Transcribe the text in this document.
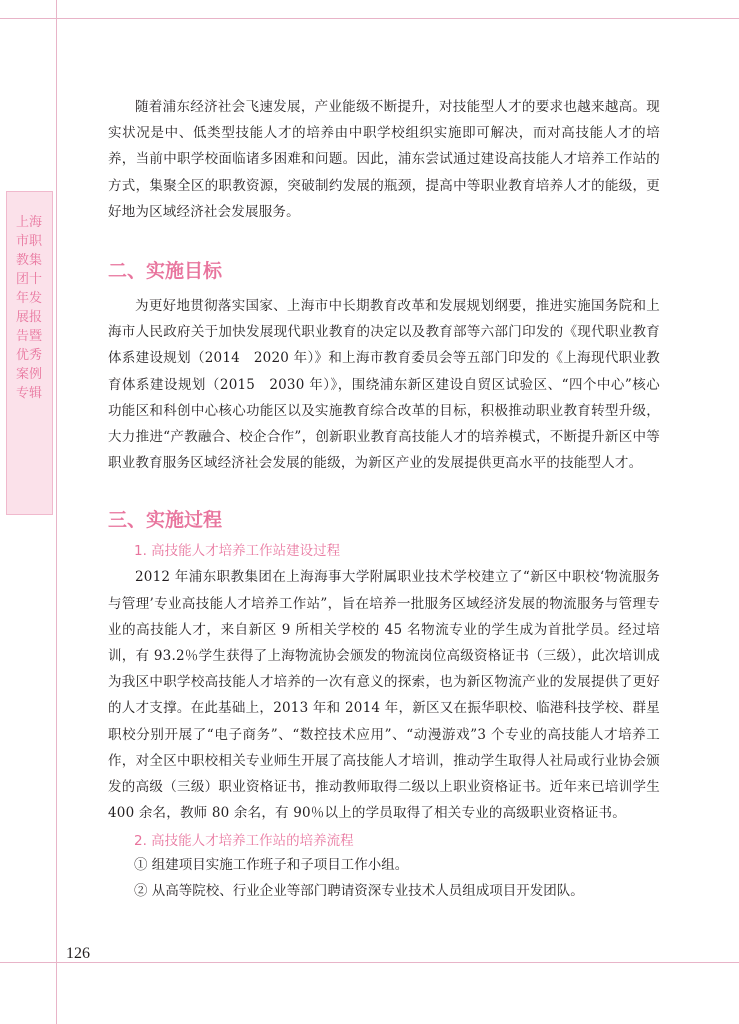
上海市职教集团十年发展报告暨优秀案例专辑

随着浦东经济社会飞速发展，产业能级不断提升，对技能型人才的要求也越来越高。现实状况是中、低类型技能人才的培养由中职学校组织实施即可解决，而对高技能人才的培养，当前中职学校面临诸多困难和问题。因此，浦东尝试通过建设高技能人才培养工作站的方式，集聚全区的职教资源，突破制约发展的瓶颈，提高中等职业教育培养人才的能级，更好地为区域经济社会发展服务。

二、实施目标

为更好地贯彻落实国家、上海市中长期教育改革和发展规划纲要，推进实施国务院和上海市人民政府关于加快发展现代职业教育的决定以及教育部等六部门印发的《现代职业教育体系建设规划（2014　2020 年）》和上海市教育委员会等五部门印发的《上海现代职业教育体系建设规划（2015　2030 年）》，围绕浦东新区建设自贸区试验区、“四个中心”核心功能区和科创中心核心功能区以及实施教育综合改革的目标，积极推动职业教育转型升级，大力推进“产教融合、校企合作”，创新职业教育高技能人才的培养模式，不断提升新区中等职业教育服务区域经济社会发展的能级，为新区产业的发展提供更高水平的技能型人才。

三、实施过程
1. 高技能人才培养工作站建设过程

2012 年浦东职教集团在上海海事大学附属职业技术学校建立了“新区中职校‘物流服务与管理’专业高技能人才培养工作站”，旨在培养一批服务区域经济发展的物流服务与管理专业的高技能人才，来自新区 9 所相关学校的 45 名物流专业的学生成为首批学员。经过培训，有 93.2％学生获得了上海物流协会颁发的物流岗位高级资格证书（三级），此次培训成为我区中职学校高技能人才培养的一次有意义的探索，也为新区物流产业的发展提供了更好的人才支撑。在此基础上，2013 年和 2014 年，新区又在振华职校、临港科技学校、群星职校分别开展了“电子商务”、“数控技术应用”、“动漫游戏”3 个专业的高技能人才培养工作，对全区中职校相关专业师生开展了高技能人才培训，推动学生取得人社局或行业协会颁发的高级（三级）职业资格证书，推动教师取得二级以上职业资格证书。近年来已培训学生 400 余名，教师 80 余名，有 90％以上的学员取得了相关专业的高级职业资格证书。

2. 高技能人才培养工作站的培养流程

① 组建项目实施工作班子和子项目工作小组。

② 从高等院校、行业企业等部门聘请资深专业技术人员组成项目开发团队。

126
